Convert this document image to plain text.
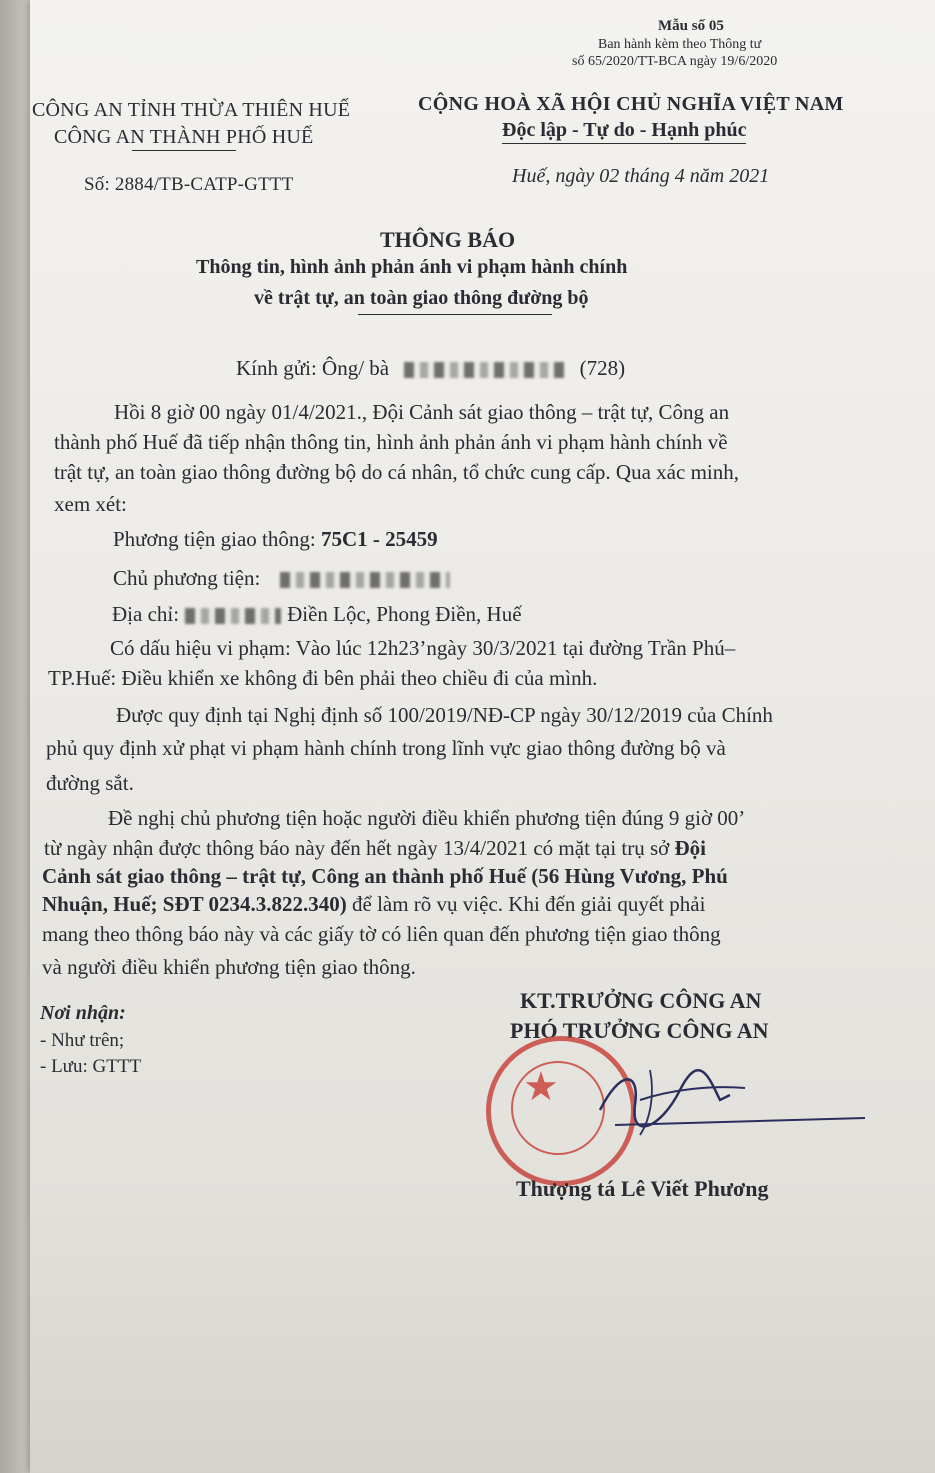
Mẫu số 05
Ban hành kèm theo Thông tư
số 65/2020/TT-BCA ngày 19/6/2020
CÔNG AN TỈNH THỪA THIÊN HUẾ
CÔNG AN THÀNH PHỐ HUẾ
Số: 2884/TB-CATP-GTTT
CỘNG HOÀ XÃ HỘI CHỦ NGHĨA VIỆT NAM
Độc lập - Tự do - Hạnh phúc
Huế, ngày 02 tháng 4 năm 2021
THÔNG BÁO
Thông tin, hình ảnh phản ánh vi phạm hành chính
về trật tự, an toàn giao thông đường bộ
Kính gửi: Ông/ bà	(728)
Hồi 8 giờ 00 ngày 01/4/2021., Đội Cảnh sát giao thông – trật tự, Công an
thành phố Huế đã tiếp nhận thông tin, hình ảnh phản ánh vi phạm hành chính về
trật tự, an toàn giao thông đường bộ do cá nhân, tổ chức cung cấp. Qua xác minh,
xem xét:
Phương tiện giao thông: 75C1 - 25459
Chủ phương tiện:
Địa chỉ:	Điền Lộc, Phong Điền, Huế
Có dấu hiệu vi phạm: Vào lúc 12h23’ngày 30/3/2021 tại đường Trần Phú–
TP.Huế: Điều khiển xe không đi bên phải theo chiều đi của mình.
Được quy định tại Nghị định số 100/2019/NĐ-CP ngày 30/12/2019 của Chính
phủ quy định xử phạt vi phạm hành chính trong lĩnh vực giao thông đường bộ và
đường sắt.
Đề nghị chủ phương tiện hoặc người điều khiển phương tiện đúng 9 giờ 00’
từ ngày nhận được thông báo này đến hết ngày 13/4/2021 có mặt tại trụ sở Đội
Cảnh sát giao thông – trật tự, Công an thành phố Huế (56 Hùng Vương, Phú
Nhuận, Huế; SĐT 0234.3.822.340) để làm rõ vụ việc. Khi đến giải quyết phải
mang theo thông báo này và các giấy tờ có liên quan đến phương tiện giao thông
và người điều khiển phương tiện giao thông.
Nơi nhận:
- Như trên;
- Lưu: GTTT
KT.TRƯỞNG CÔNG AN
PHÓ TRƯỞNG CÔNG AN
★
Thượng tá Lê Viết Phương
